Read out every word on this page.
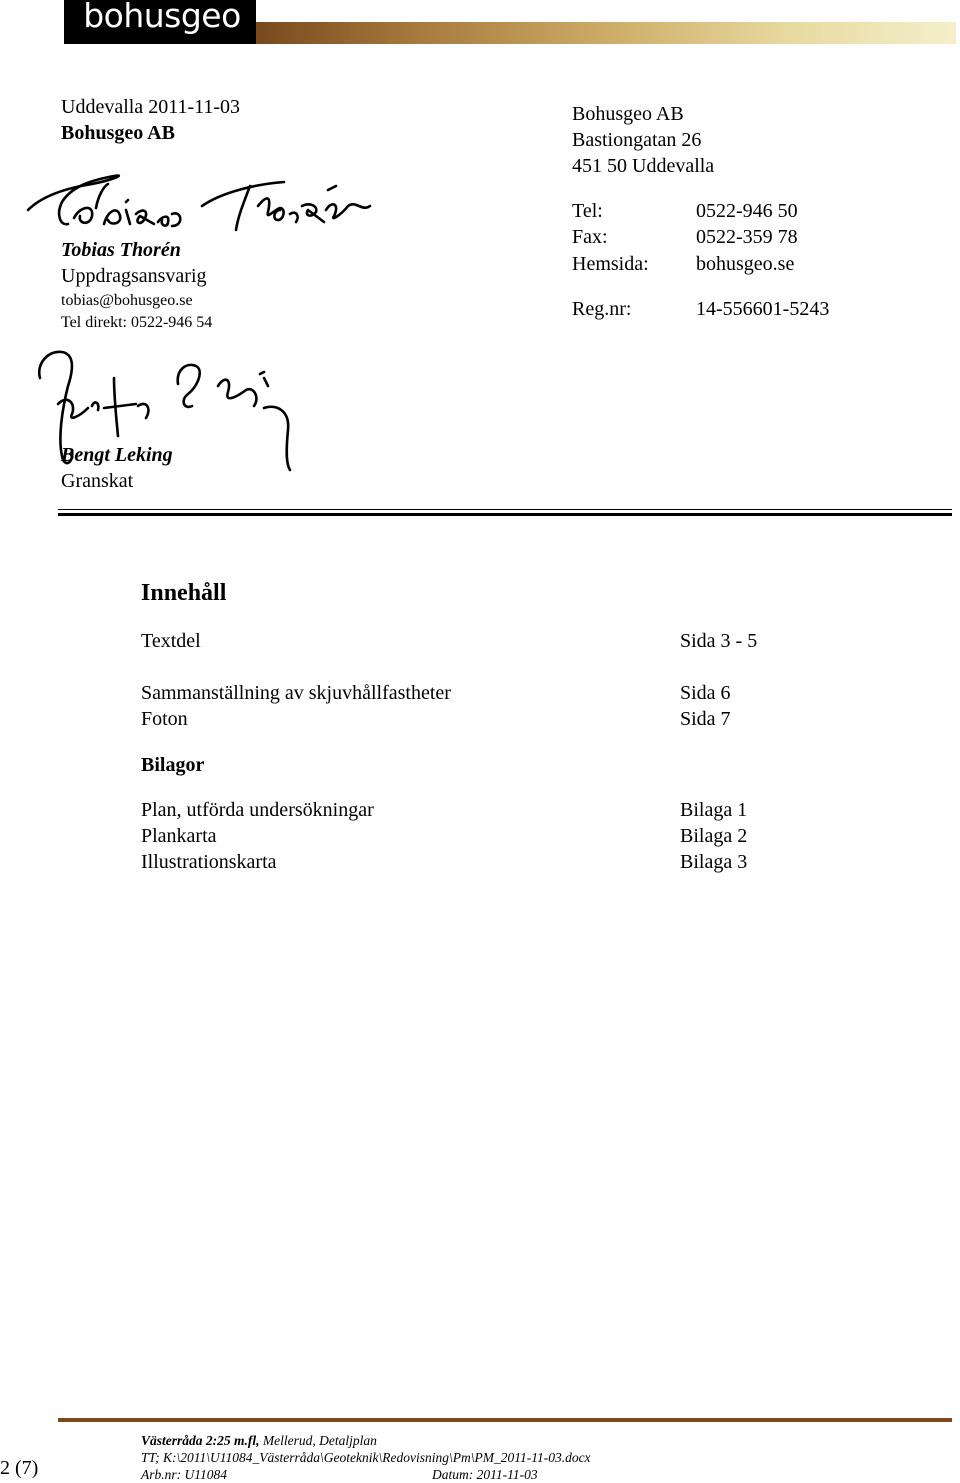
bohusgeo
Uddevalla 2011-11-03
Bohusgeo AB
Tobias Thorén
Uppdragsansvarig
tobias@bohusgeo.se
Tel direkt: 0522-946 54
Bengt Leking
Granskat
Bohusgeo AB
Bastiongatan 26
451 50 Uddevalla
Tel:	0522-946 50
Fax:	0522-359 78
Hemsida: bohusgeo.se
Reg.nr:	14-556601-5243
Innehåll
Textdel	Sida 3 - 5
Sammanställning av skjuvhållfastheter	Sida 6
Foton	Sida 7
Bilagor
Plan, utförda undersökningar	Bilaga 1
Plankarta	Bilaga 2
Illustrationskarta	Bilaga 3
2 (7)
Västerråda 2:25 m.fl, Mellerud, Detaljplan
TT; K:\2011\U11084_Västerråda\Geoteknik\Redovisning\Pm\PM_2011-11-03.docx
Arb.nr: U11084	Datum: 2011-11-03
